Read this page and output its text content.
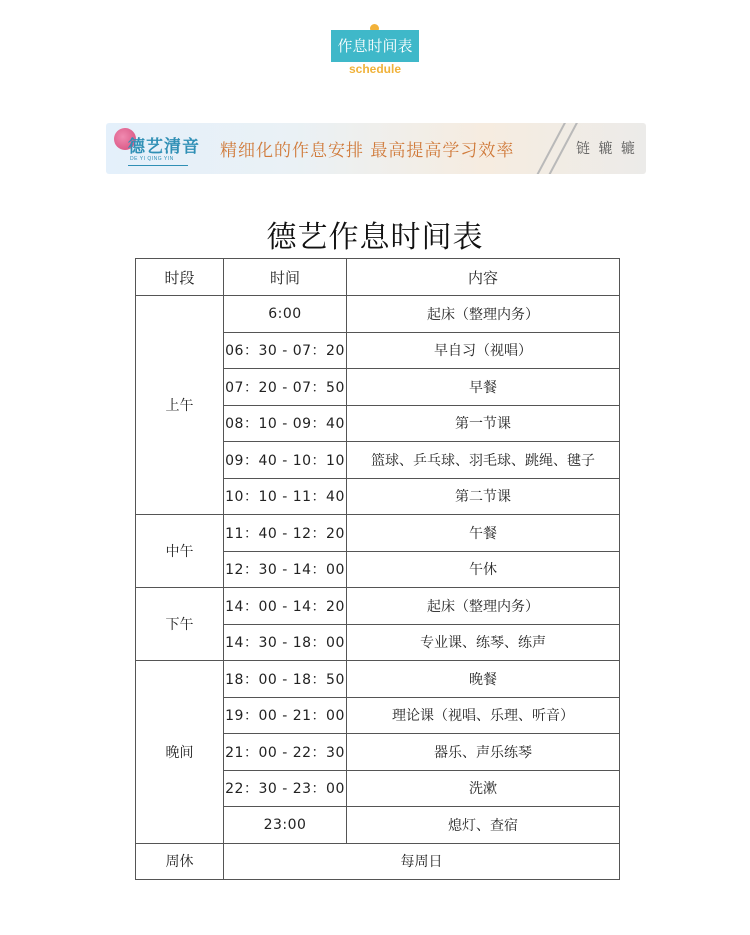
作息时间表
schedule
德艺清音
DE YI QING YIN	精细化的作息安排 最高提高学习效率	链 辘 辘
德艺作息时间表
时段	时间	内容
上午	6:00	起床（整理内务）
	06：30 - 07：20	早自习（视唱）
	07：20 - 07：50	早餐
	08：10 - 09：40	第一节课
	09：40 - 10：10	篮球、乒乓球、羽毛球、跳绳、毽子
	10：10 - 11：40	第二节课
中午	11：40 - 12：20	午餐
	12：30 - 14：00	午休
下午	14：00 - 14：20	起床（整理内务）
	14：30 - 18：00	专业课、练琴、练声
晚间	18：00 - 18：50	晚餐
	19：00 - 21：00	理论课（视唱、乐理、听音）
	21：00 - 22：30	器乐、声乐练琴
	22：30 - 23：00	洗漱
	23:00	熄灯、查宿
周休	每周日	
